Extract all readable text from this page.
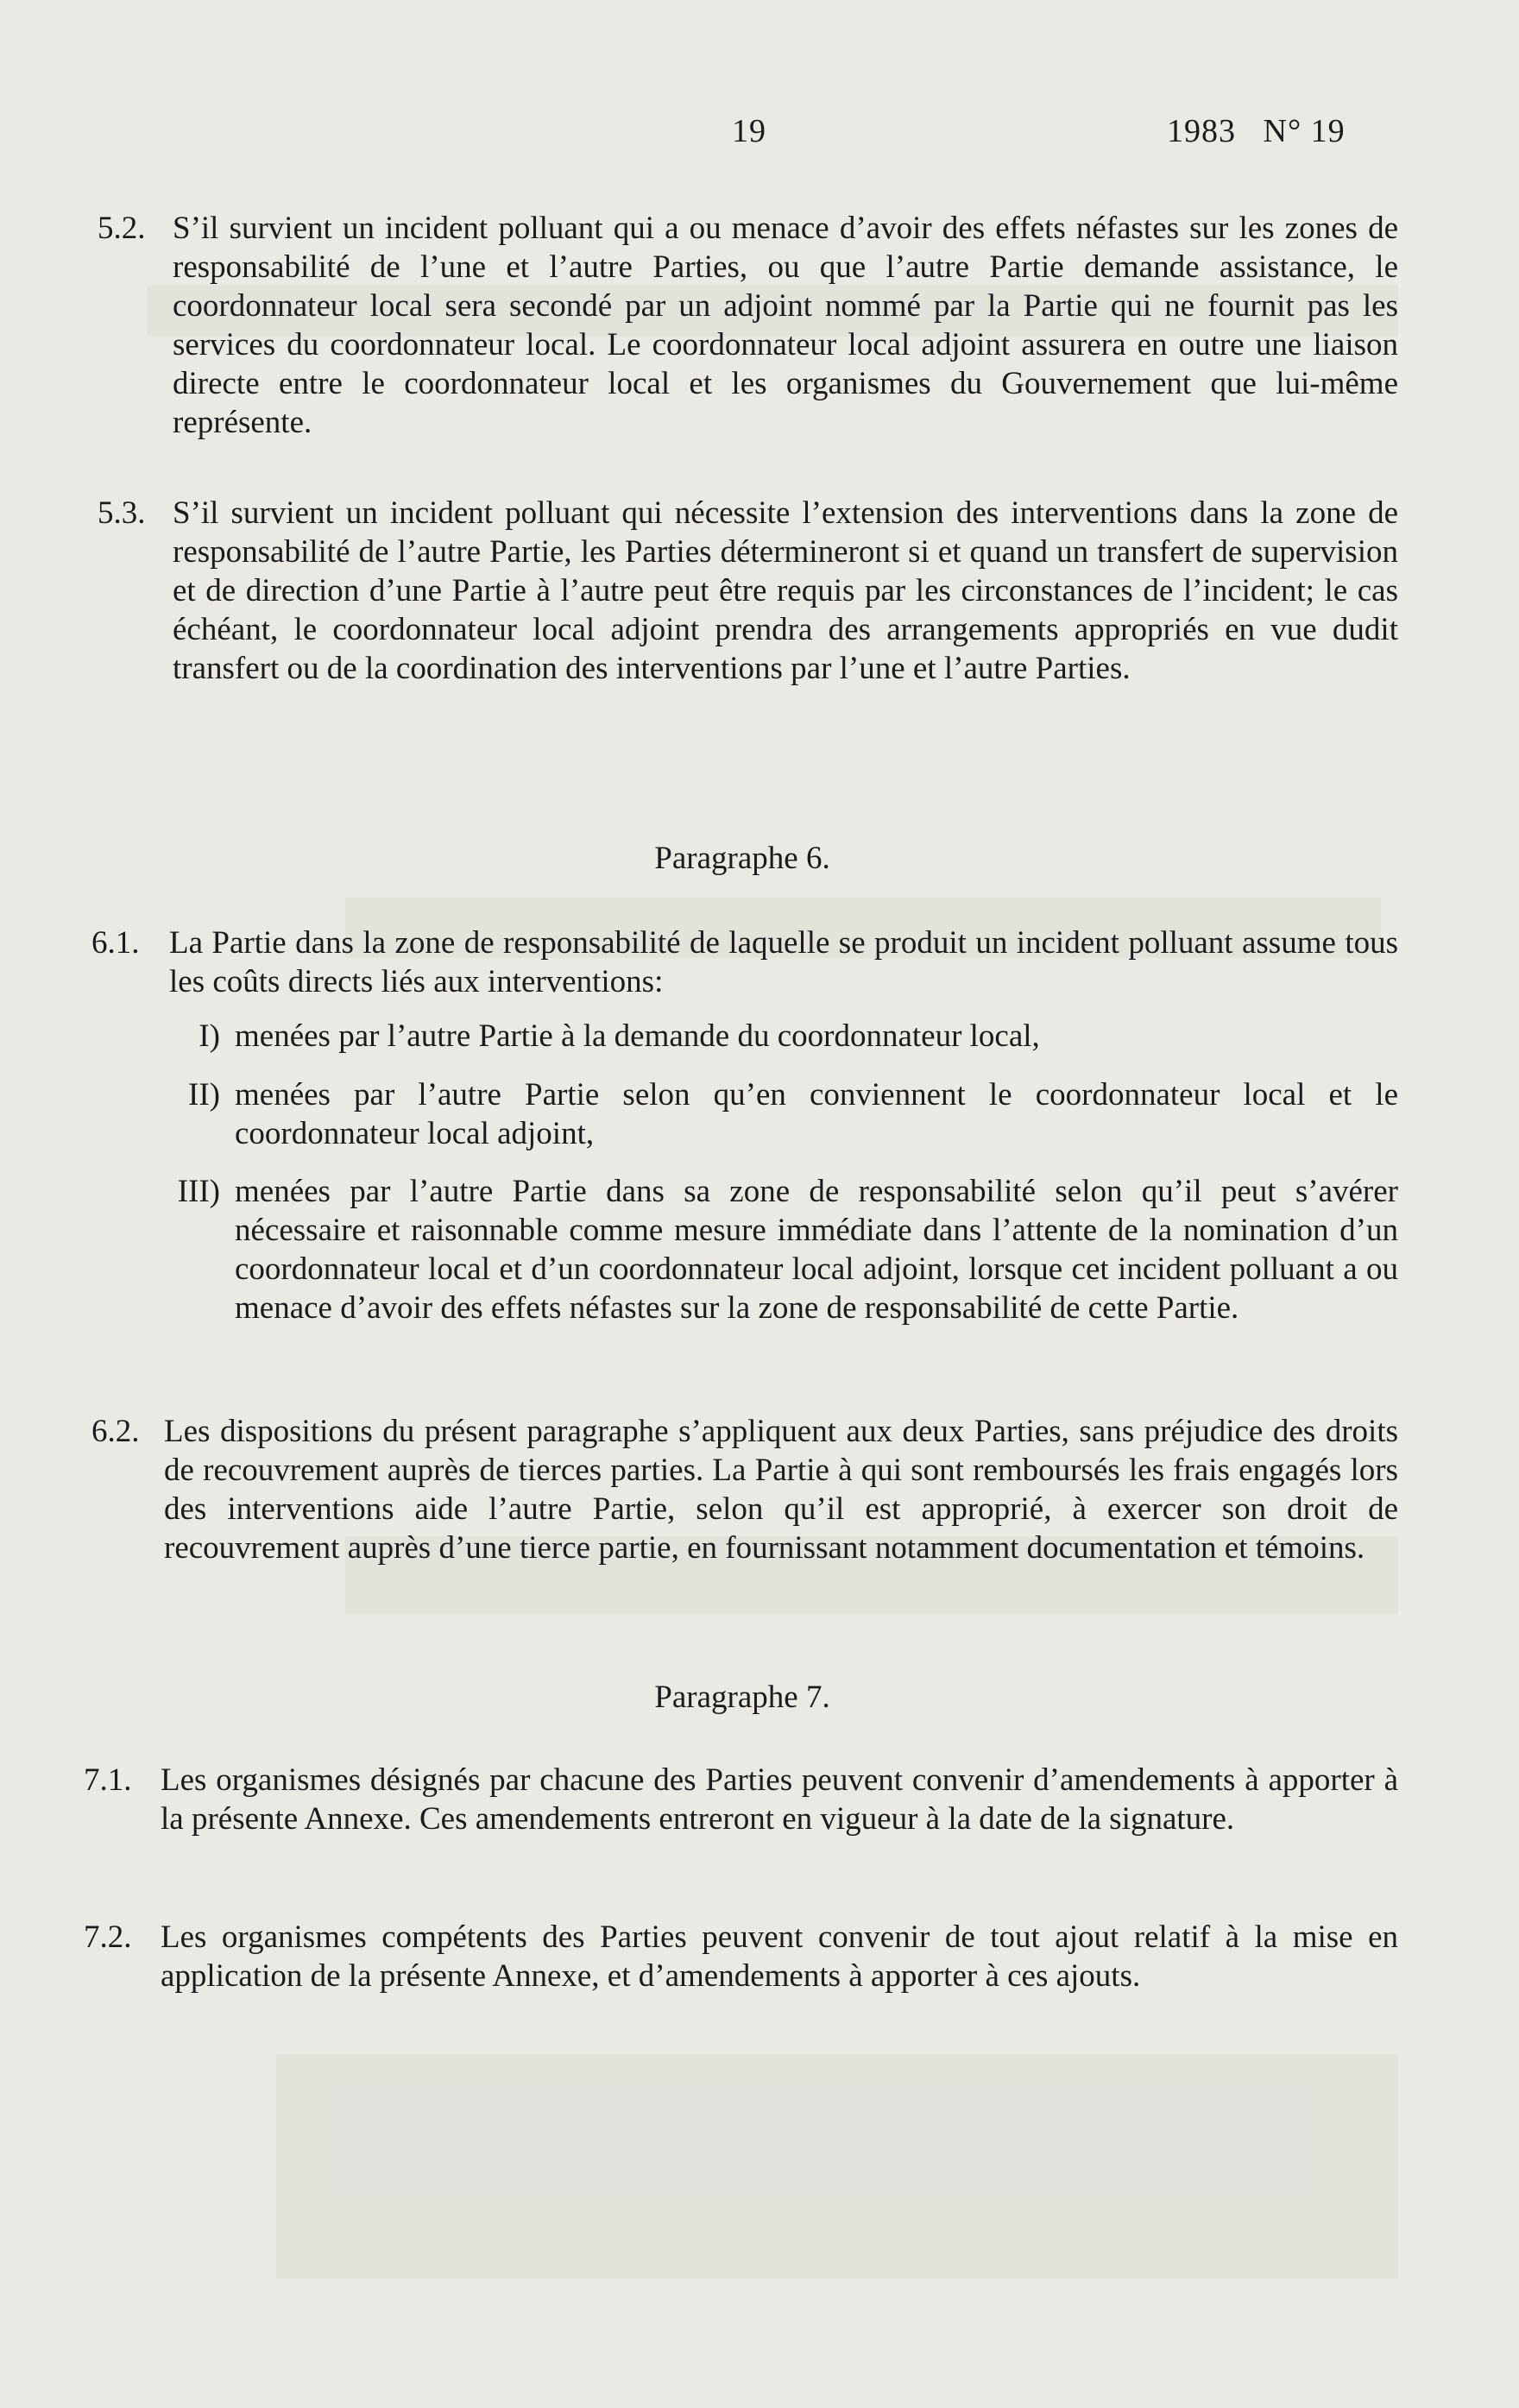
19	1983   N° 19
5.2. S’il survient un incident polluant qui a ou menace d’avoir des effets néfastes sur les zones de responsabilité de l’une et l’autre Parties, ou que l’autre Partie demande assistance, le coordonnateur local sera secondé par un adjoint nommé par la Partie qui ne fournit pas les services du coordonnateur local. Le coordonnateur local adjoint assurera en outre une liaison directe entre le coordonnateur local et les organismes du Gouvernement que lui-même représente.
5.3. S’il survient un incident polluant qui nécessite l’extension des interventions dans la zone de responsabilité de l’autre Partie, les Parties détermineront si et quand un transfert de supervision et de direction d’une Partie à l’autre peut être requis par les circonstances de l’incident; le cas échéant, le coordonnateur local adjoint prendra des arrangements appropriés en vue dudit transfert ou de la coordination des interventions par l’une et l’autre Parties.
Paragraphe 6.
6.1. La Partie dans la zone de responsabilité de laquelle se produit un incident polluant assume tous les coûts directs liés aux interventions:
I) menées par l’autre Partie à la demande du coordonnateur local,
II) menées par l’autre Partie selon qu’en conviennent le coordonnateur local et le coordonnateur local adjoint,
III) menées par l’autre Partie dans sa zone de responsabilité selon qu’il peut s’avérer nécessaire et raisonnable comme mesure immédiate dans l’attente de la nomination d’un coordonnateur local et d’un coordonnateur local adjoint, lorsque cet incident polluant a ou menace d’avoir des effets néfastes sur la zone de responsabilité de cette Partie.
6.2. Les dispositions du présent paragraphe s’appliquent aux deux Parties, sans préjudice des droits de recouvrement auprès de tierces parties. La Partie à qui sont remboursés les frais engagés lors des interventions aide l’autre Partie, selon qu’il est approprié, à exercer son droit de recouvrement auprès d’une tierce partie, en fournissant notamment documentation et témoins.
Paragraphe 7.
7.1. Les organismes désignés par chacune des Parties peuvent convenir d’amendements à apporter à la présente Annexe. Ces amendements entreront en vigueur à la date de la signature.
7.2. Les organismes compétents des Parties peuvent convenir de tout ajout relatif à la mise en application de la présente Annexe, et d’amendements à apporter à ces ajouts.
